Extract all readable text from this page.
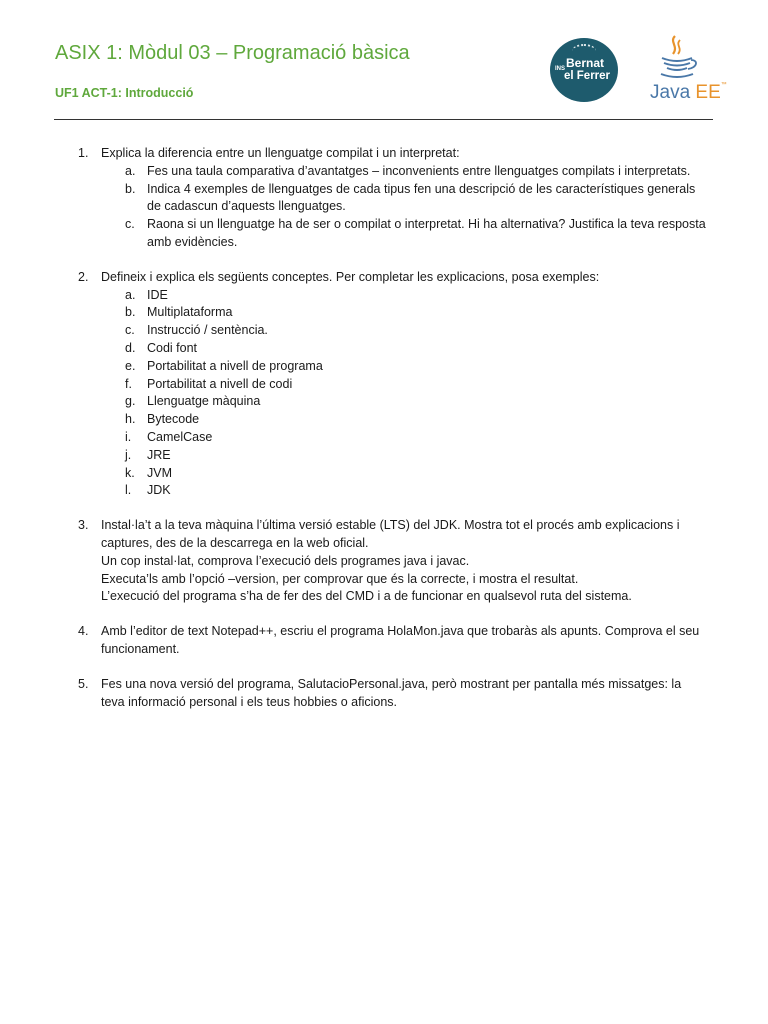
ASIX 1: Mòdul 03 – Programació bàsica
UF1 ACT-1: Introducció
INS Bernat
el Ferrer
Java EE™
1. Explica la diferencia entre un llenguatge compilat i un interpretat:
a. Fes una taula comparativa d’avantatges – inconvenients entre llenguatges compilats i interpretats.
b. Indica 4 exemples de llenguatges de cada tipus fen una descripció de les característiques generals de cadascun d’aquests llenguatges.
c. Raona si un llenguatge ha de ser o compilat o interpretat. Hi ha alternativa? Justifica la teva resposta amb evidències.
2. Defineix i explica els següents conceptes. Per completar les explicacions, posa exemples:
a. IDE
b. Multiplataforma
c. Instrucció / sentència.
d. Codi font
e. Portabilitat a nivell de programa
f. Portabilitat a nivell de codi
g. Llenguatge màquina
h. Bytecode
i. CamelCase
j. JRE
k. JVM
l. JDK
3. Instal·la’t a la teva màquina l’última versió estable (LTS) del JDK. Mostra tot el procés amb explicacions i captures, des de la descarrega en la web oficial.
Un cop instal·lat, comprova l’execució dels programes java i javac.
Executa’ls amb l’opció –version, per comprovar que és la correcte, i mostra el resultat.
L’execució del programa s’ha de fer des del CMD i a de funcionar en qualsevol ruta del sistema.
4. Amb l’editor de text Notepad++, escriu el programa HolaMon.java que trobaràs als apunts. Comprova el seu funcionament.
5. Fes una nova versió del programa, SalutacioPersonal.java, però mostrant per pantalla més missatges: la teva informació personal i els teus hobbies o aficions.
